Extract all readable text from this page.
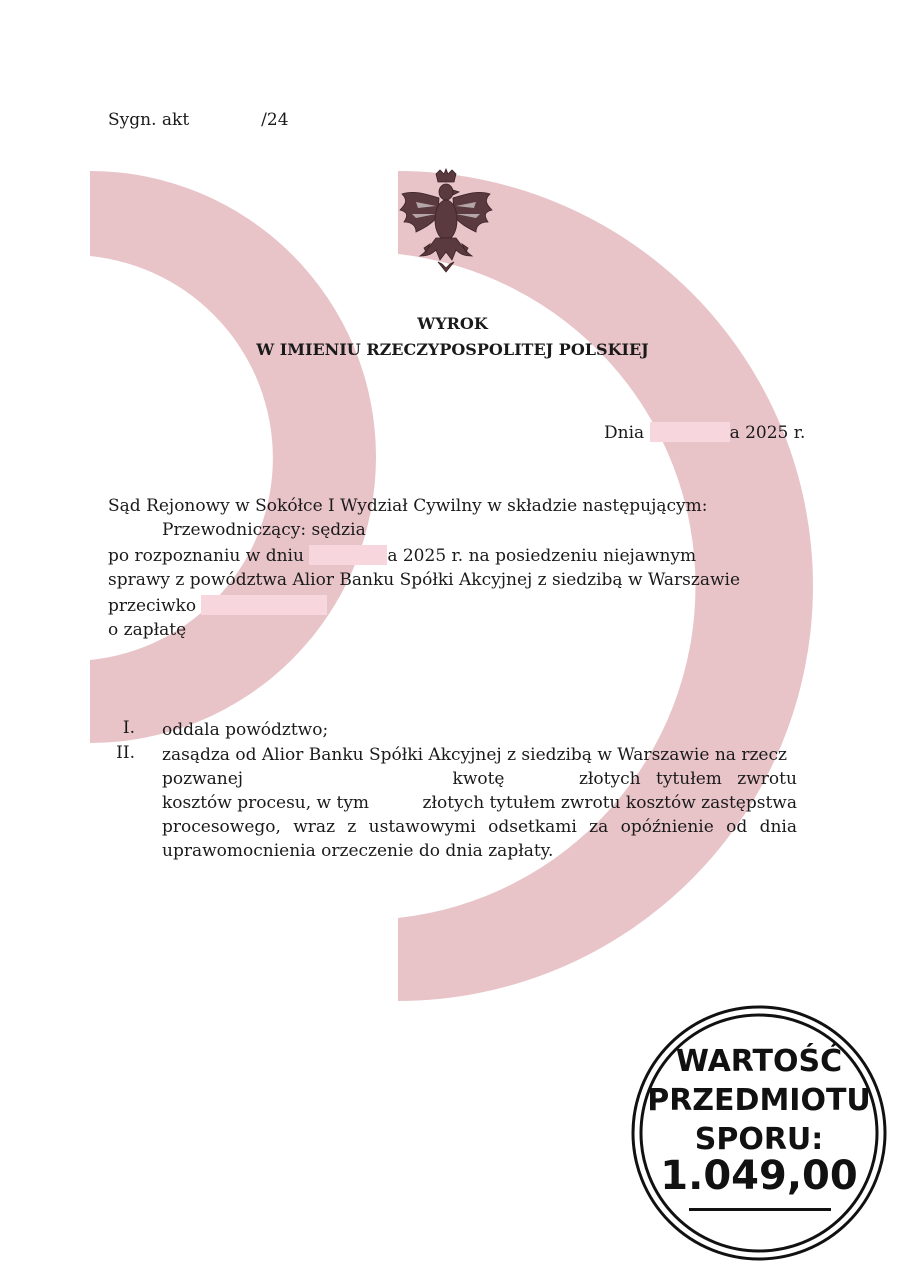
Sygn. akt	/24
WYROK
W IMIENIU RZECZYPOSPOLITEJ POLSKIEJ
Dnia	a 2025 r.
Sąd Rejonowy w Sokółce I Wydział Cywilny w składzie następującym:
Przewodniczący: sędzia
po rozpoznaniu w dniu	a 2025 r. na posiedzeniu niejawnym
sprawy z powództwa Alior Banku Spółki Akcyjnej z siedzibą w Warszawie
przeciwko
o zapłatę
I. oddala powództwo;
II. zasądza od Alior Banku Spółki Akcyjnej z siedzibą w Warszawie na rzecz
pozwanej	kwotę	złotych tytułem zwrotu
kosztów procesu, w tym	złotych tytułem zwrotu kosztów zastępstwa
procesowego, wraz z ustawowymi odsetkami za opóźnienie od dnia
uprawomocnienia orzeczenie do dnia zapłaty.
WARTOŚĆ
PRZEDMIOTU
SPORU:
1.049,00
